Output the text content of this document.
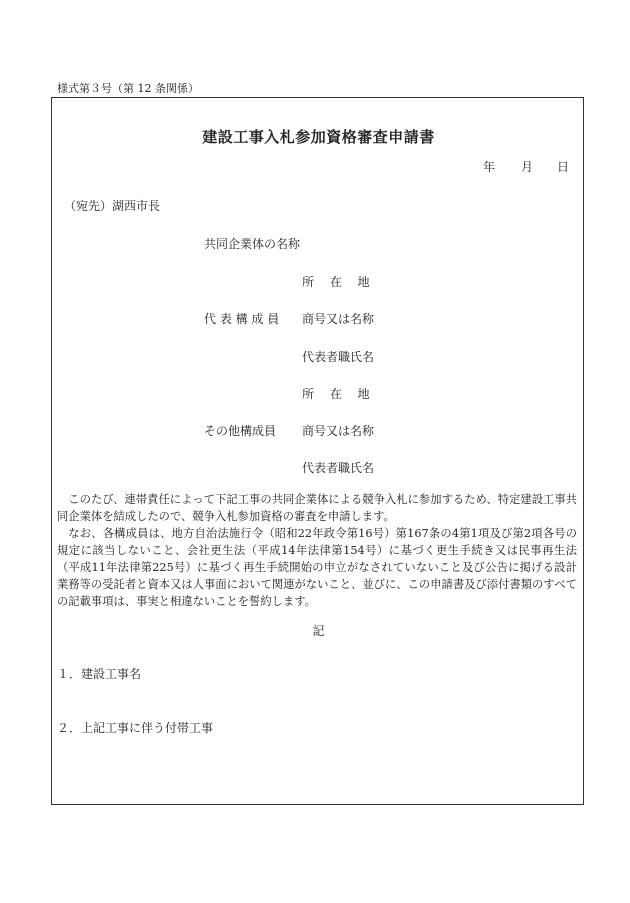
様式第３号（第 12 条関係）
建設工事入札参加資格審査申請書
年 月 日
（宛先）湖西市長
共同企業体の名称
所　 在　 地
代 表 構 成 員 商号又は名称
代表者職氏名
所　 在　 地
その他構成員 商号又は名称
代表者職氏名

このたび、連帯責任によって下記工事の共同企業体による競争入札に参加するため、特定建設工事共同企業体を結成したので、競争入札参加資格の審査を申請します。

なお、各構成員は、地方自治法施行令（昭和22年政令第16号）第167条の4第1項及び第2項各号の規定に該当しないこと、会社更生法（平成14年法律第154号）に基づく更生手続き又は民事再生法（平成11年法律第225号）に基づく再生手続開始の申立がなされていないこと及び公告に掲げる設計業務等の受託者と資本又は人事面において関連がないこと、並びに、この申請書及び添付書類のすべての記載事項は、事実と相違ないことを誓約します。

記
１．建設工事名
２．上記工事に伴う付帯工事
